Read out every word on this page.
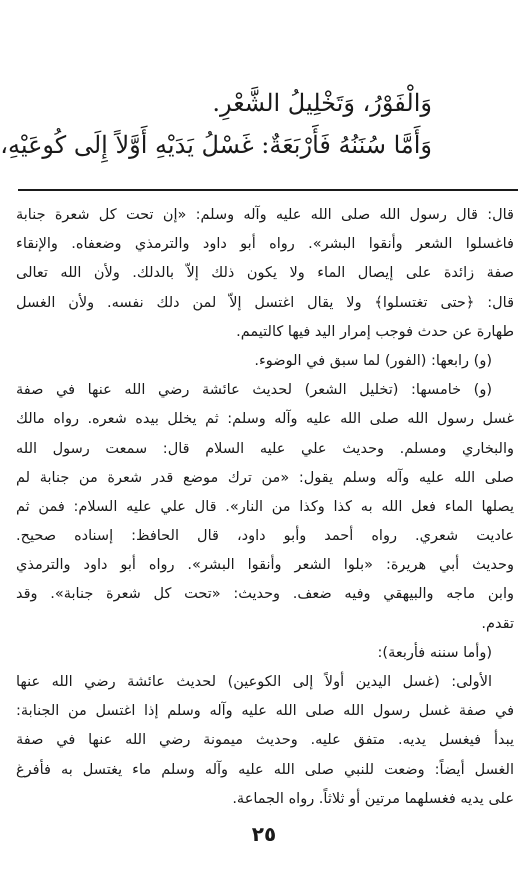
وَالْفَوْرُ، وَتَخْلِيلُ الشَّعْرِ.
وَأَمَّا سُنَنُهُ فَأَرْبَعَةٌ: غَسْلُ يَدَيْهِ أَوَّلاً إِلَى كُوعَيْهِ،
قال: قال رسول الله صلى الله عليه وآله وسلم: «إن تحت كل شعرة جنابة
فاغسلوا الشعر وأنقوا البشر». رواه أبو داود والترمذي وضعفاه. والإنقاء
صفة زائدة على إيصال الماء ولا يكون ذلك إلاّ بالدلك. ولأن الله تعالى
قال: ﴿حتى تغتسلوا﴾ ولا يقال اغتسل إلاّ لمن دلك نفسه. ولأن الغسل
طهارة عن حدث فوجب إمرار اليد فيها كالتيمم.
(و) رابعها: (الفور) لما سبق في الوضوء.
(و) خامسها: (تخليل الشعر) لحديث عائشة رضي الله عنها في صفة
غسل رسول الله صلى الله عليه وآله وسلم: ثم يخلل بيده شعره. رواه مالك
والبخاري ومسلم. وحديث علي عليه السلام قال: سمعت رسول الله
صلى الله عليه وآله وسلم يقول: «من ترك موضع قدر شعرة من جنابة لم
يصلها الماء فعل الله به كذا وكذا من النار». قال علي عليه السلام: فمن ثم
عاديت شعري. رواه أحمد وأبو داود، قال الحافظ: إسناده صحيح.
وحديث أبي هريرة: «بلوا الشعر وأنقوا البشر». رواه أبو داود والترمذي
وابن ماجه والبيهقي وفيه ضعف. وحديث: «تحت كل شعرة جنابة». وقد
تقدم.
(وأما سننه فأربعة):
الأولى: (غسل اليدين أولاً إلى الكوعين) لحديث عائشة رضي الله عنها
في صفة غسل رسول الله صلى الله عليه وآله وسلم إذا اغتسل من الجنابة:
يبدأ فيغسل يديه. متفق عليه. وحديث ميمونة رضي الله عنها في صفة
الغسل أيضاً: وضعت للنبي صلى الله عليه وآله وسلم ماء يغتسل به فأفرغ
على يديه فغسلهما مرتين أو ثلاثاً. رواه الجماعة.
٢٥
